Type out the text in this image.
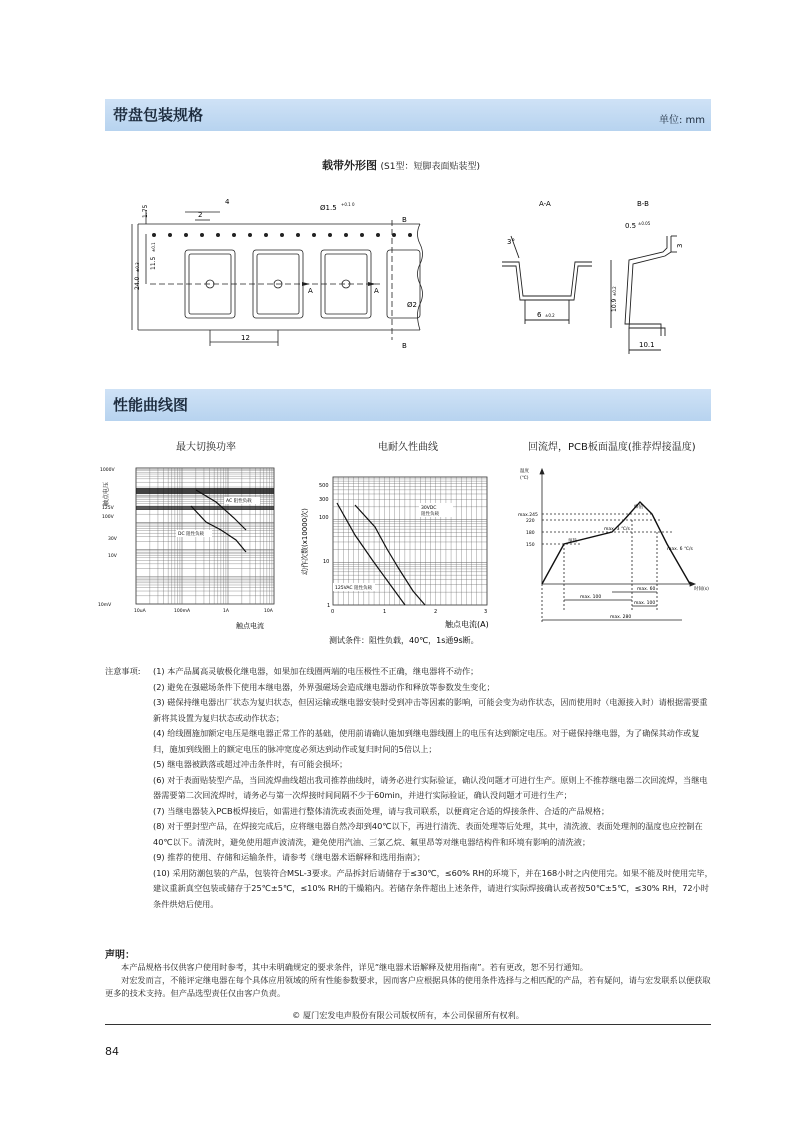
带盘包装规格	单位: mm
载带外形图 (S1型：短脚表面贴装型)
1.75
4
2
Ø1.5 +0.1 0
11.5
±0.1
24.0
±0.3
12
Ø2
A	A
B
B
A-A
3°
6 ±0.2
B-B
0.5 ±0.05
3
10.9
±0.2
10.1
性能曲线图
最大切换功率	电耐久性曲线	回流焊，PCB板面温度(推荐焊接温度)
触点电压
1000V
125V
100V
30V
10V
10mV
10uA	100mA	1A	10A
AC 阻性负载
DC 阻性负载
触点电流
动作次数(x10000次)
500
300
100
10
1
0	1	2	3
30VDC
阻性负载
125VAC 阻性负载
触点电流(A)
测试条件：阻性负载，40℃，1s通9s断。
温度
(℃)
max.245
220
180
150
峰值
预热
max. 3 ℃/s
max. 6 ℃/s
时间(s)
max. 100
max. 60
max. 100
max. 280
注意事项:	(1) 本产品属高灵敏极化继电器，如果加在线圈两端的电压极性不正确，继电器将不动作；
(2) 避免在强磁场条件下使用本继电器，外界强磁场会造成继电器动作和释放等参数发生变化；
(3) 磁保持继电器出厂状态为复归状态，但因运输或继电器安装时受到冲击等因素的影响，可能会变为动作状态，因而使用时（电源接入时）请根据需要重新将其设置为复归状态或动作状态；
(4) 给线圈施加额定电压是继电器正常工作的基础，使用前请确认施加到继电器线圈上的电压有达到额定电压。对于磁保持继电器，为了确保其动作或复归，施加到线圈上的额定电压的脉冲宽度必须达到动作或复归时间的5倍以上；
(5) 继电器被跌落或超过冲击条件时，有可能会损坏；
(6) 对于表面贴装型产品，当回流焊曲线超出我司推荐曲线时，请务必进行实际验证，确认没问题才可进行生产。原则上不推荐继电器二次回流焊，当继电器需要第二次回流焊时，请务必与第一次焊接时间间隔不少于60min，并进行实际验证，确认没问题才可进行生产；
(7) 当继电器装入PCB板焊接后，如需进行整体清洗或表面处理，请与我司联系，以便商定合适的焊接条件、合适的产品规格；
(8) 对于塑封型产品，在焊接完成后，应将继电器自然冷却到40℃以下，再进行清洗、表面处理等后处理，其中，清洗液、表面处理剂的温度也应控制在40℃以下。清洗时，避免使用超声波清洗，避免使用汽油、三氯乙烷、氟里昂等对继电器结构件和环境有影响的清洗液；
(9) 推荐的使用、存储和运输条件，请参考《继电器术语解释和选用指南》；
(10) 采用防潮包装的产品，包装符合MSL-3要求。产品拆封后请储存于≤30℃，≤60% RH的环境下，并在168小时之内使用完。如果不能及时使用完毕，建议重新真空包装或储存于25℃±5℃，≤10% RH的干燥箱内。若储存条件超出上述条件，请进行实际焊接确认或者按50℃±5℃，≤30% RH，72小时条件烘焙后使用。
声明：
本产品规格书仅供客户使用时参考，其中未明确规定的要求条件，详见“继电器术语解释及使用指南”。若有更改，恕不另行通知。
对宏发而言，不能评定继电器在每个具体应用领域的所有性能参数要求，因而客户应根据具体的使用条件选择与之相匹配的产品，若有疑问，请与宏发联系以便获取更多的技术支持。但产品选型责任仅由客户负责。
© 厦门宏发电声股份有限公司版权所有，本公司保留所有权利。
84
